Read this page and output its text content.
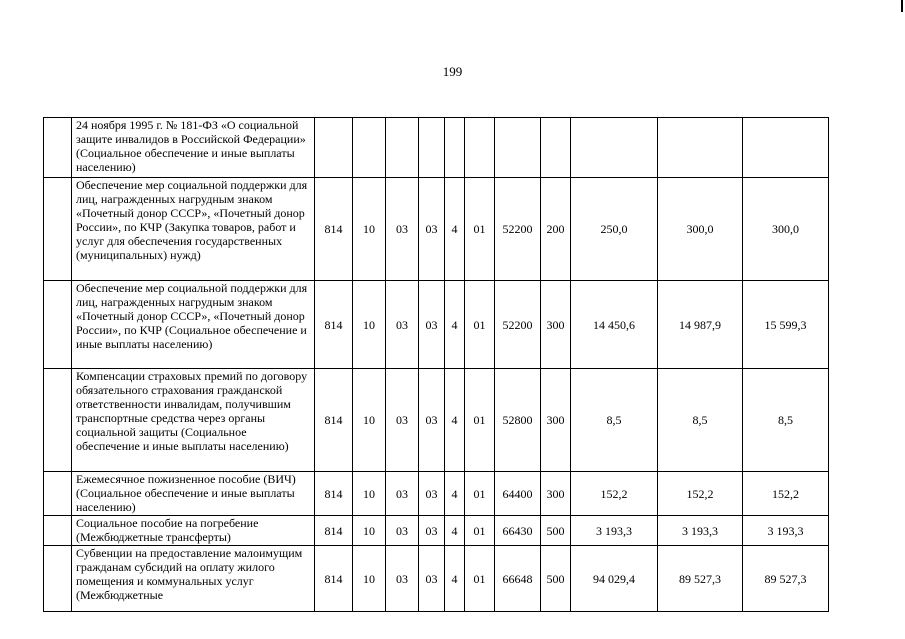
199
	24 ноября 1995 г. № 181-ФЗ «О социальной защите инвалидов в Российской Федерации» (Социальное обеспечение и иные выплаты населению)											
	Обеспечение мер социальной поддержки для лиц, награжденных нагрудным знаком «Почетный донор СССР», «Почетный донор России», по КЧР (Закупка товаров, работ и услуг для обеспечения государственных (муниципальных) нужд)	814	10	03	03	4	01	52200	200	250,0	300,0	300,0
	Обеспечение мер социальной поддержки для лиц, награжденных нагрудным знаком «Почетный донор СССР», «Почетный донор России», по КЧР (Социальное обеспечение и иные выплаты населению)	814	10	03	03	4	01	52200	300	14 450,6	14 987,9	15 599,3
	Компенсации страховых премий по договору обязательного страхования гражданской ответственности инвалидам, получившим транспортные средства через органы социальной защиты (Социальное обеспечение и иные выплаты населению)	814	10	03	03	4	01	52800	300	8,5	8,5	8,5
	Ежемесячное пожизненное пособие (ВИЧ) (Социальное обеспечение и иные выплаты населению)	814	10	03	03	4	01	64400	300	152,2	152,2	152,2
	Социальное пособие на погребение (Межбюджетные трансферты)	814	10	03	03	4	01	66430	500	3 193,3	3 193,3	3 193,3
	Субвенции на предоставление малоимущим гражданам субсидий на оплату жилого помещения и коммунальных услуг (Межбюджетные	814	10	03	03	4	01	66648	500	94 029,4	89 527,3	89 527,3
